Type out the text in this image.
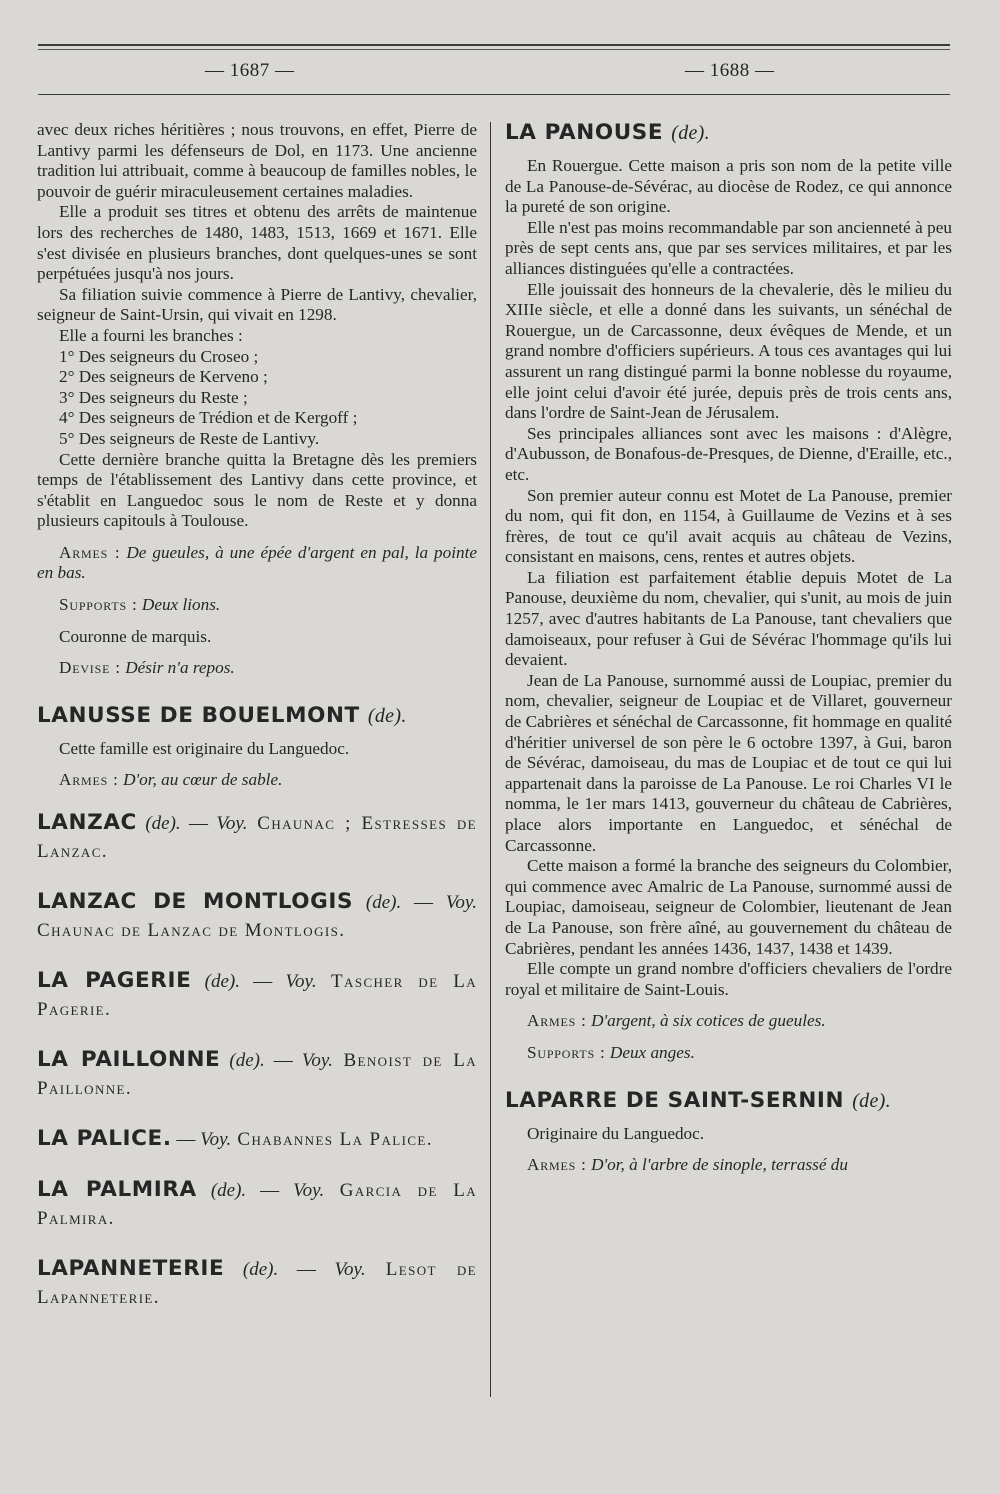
— 1687 —	— 1688 —

avec deux riches héritières ; nous trouvons, en effet, Pierre de Lantivy parmi les défenseurs de Dol, en 1173. Une ancienne tradition lui attribuait, comme à beaucoup de familles nobles, le pouvoir de guérir miraculeusement certaines maladies.

Elle a produit ses titres et obtenu des arrêts de maintenue lors des recherches de 1480, 1483, 1513, 1669 et 1671. Elle s'est divisée en plusieurs branches, dont quelques-unes se sont perpétuées jusqu'à nos jours.

Sa filiation suivie commence à Pierre de Lantivy, chevalier, seigneur de Saint-Ursin, qui vivait en 1298.

Elle a fourni les branches :

1° Des seigneurs du Croseo ;

2° Des seigneurs de Kerveno ;

3° Des seigneurs du Reste ;

4° Des seigneurs de Trédion et de Kergoff ;

5° Des seigneurs de Reste de Lantivy.

Cette dernière branche quitta la Bretagne dès les premiers temps de l'établissement des Lantivy dans cette province, et s'établit en Languedoc sous le nom de Reste et y donna plusieurs capitouls à Toulouse.

Armes : De gueules, à une épée d'argent en pal, la pointe en bas.

Supports : Deux lions.

Couronne de marquis.

Devise : Désir n'a repos.

LANUSSE DE BOUELMONT (de).

Cette famille est originaire du Languedoc.

Armes : D'or, au cœur de sable.

LANZAC (de). — Voy. Chaunac ; Estresses de Lanzac.

LANZAC DE MONTLOGIS (de). — Voy. Chaunac de Lanzac de Montlogis.

LA PAGERIE (de). — Voy. Tascher de La Pagerie.

LA PAILLONNE (de). — Voy. Benoist de La Paillonne.

LA PALICE. — Voy. Chabannes La Palice.

LA PALMIRA (de). — Voy. Garcia de La Palmira.

LAPANNETERIE (de). — Voy. Lesot de Lapanneterie.

LA PANOUSE (de).

En Rouergue. Cette maison a pris son nom de la petite ville de La Panouse-de-Sévérac, au diocèse de Rodez, ce qui annonce la pureté de son origine.

Elle n'est pas moins recommandable par son ancienneté à peu près de sept cents ans, que par ses services militaires, et par les alliances distinguées qu'elle a contractées.

Elle jouissait des honneurs de la chevalerie, dès le milieu du XIIIe siècle, et elle a donné dans les suivants, un sénéchal de Rouergue, un de Carcassonne, deux évêques de Mende, et un grand nombre d'officiers supérieurs. A tous ces avantages qui lui assurent un rang distingué parmi la bonne noblesse du royaume, elle joint celui d'avoir été jurée, depuis près de trois cents ans, dans l'ordre de Saint-Jean de Jérusalem.

Ses principales alliances sont avec les maisons : d'Alègre, d'Aubusson, de Bonafous-de-Presques, de Dienne, d'Eraille, etc., etc.

Son premier auteur connu est Motet de La Panouse, premier du nom, qui fit don, en 1154, à Guillaume de Vezins et à ses frères, de tout ce qu'il avait acquis au château de Vezins, consistant en maisons, cens, rentes et autres objets.

La filiation est parfaitement établie depuis Motet de La Panouse, deuxième du nom, chevalier, qui s'unit, au mois de juin 1257, avec d'autres habitants de La Panouse, tant chevaliers que damoiseaux, pour refuser à Gui de Sévérac l'hommage qu'ils lui devaient.

Jean de La Panouse, surnommé aussi de Loupiac, premier du nom, chevalier, seigneur de Loupiac et de Villaret, gouverneur de Cabrières et sénéchal de Carcassonne, fit hommage en qualité d'héritier universel de son père le 6 octobre 1397, à Gui, baron de Sévérac, damoiseau, du mas de Loupiac et de tout ce qui lui appartenait dans la paroisse de La Panouse. Le roi Charles VI le nomma, le 1er mars 1413, gouverneur du château de Cabrières, place alors importante en Languedoc, et sénéchal de Carcassonne.

Cette maison a formé la branche des seigneurs du Colombier, qui commence avec Amalric de La Panouse, surnommé aussi de Loupiac, damoiseau, seigneur de Colombier, lieutenant de Jean de La Panouse, son frère aîné, au gouvernement du château de Cabrières, pendant les années 1436, 1437, 1438 et 1439.

Elle compte un grand nombre d'officiers chevaliers de l'ordre royal et militaire de Saint-Louis.

Armes : D'argent, à six cotices de gueules.

Supports : Deux anges.

LAPARRE DE SAINT-SERNIN (de).

Originaire du Languedoc.

Armes : D'or, à l'arbre de sinople, terrassé du
